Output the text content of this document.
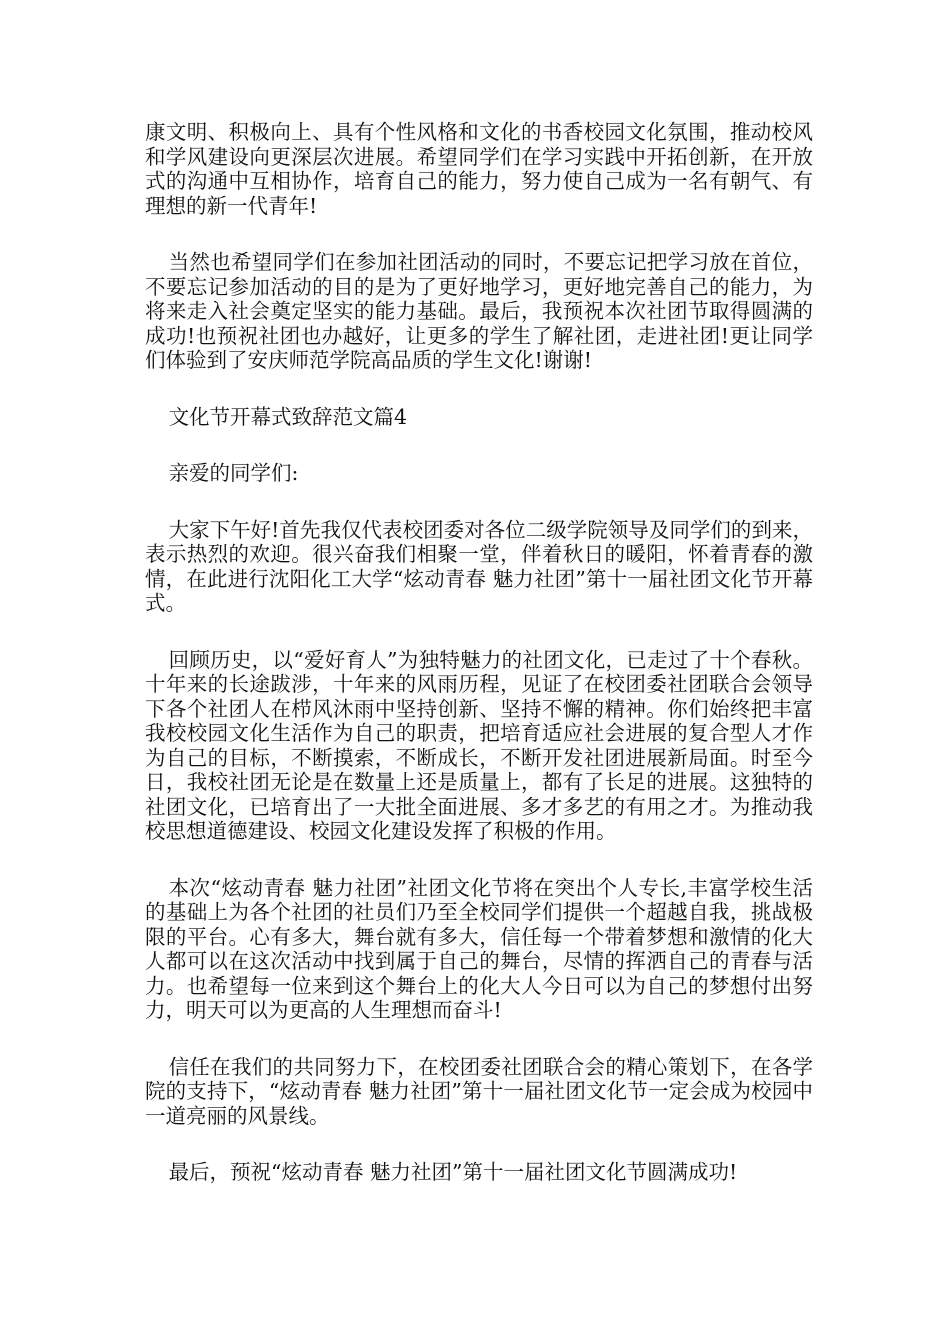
康文明、积极向上、具有个性风格和文化的书香校园文化氛围，推动校风和学风建设向更深层次进展。希望同学们在学习实践中开拓创新，在开放式的沟通中互相协作，培育自己的能力，努力使自己成为一名有朝气、有理想的新一代青年!

当然也希望同学们在参加社团活动的同时，不要忘记把学习放在首位，不要忘记参加活动的目的是为了更好地学习，更好地完善自己的能力，为将来走入社会奠定坚实的能力基础。最后，我预祝本次社团节取得圆满的成功!也预祝社团也办越好，让更多的学生了解社团，走进社团!更让同学们体验到了安庆师范学院高品质的学生文化!谢谢!

文化节开幕式致辞范文篇4

亲爱的同学们:

大家下午好!首先我仅代表校团委对各位二级学院领导及同学们的到来，表示热烈的欢迎。很兴奋我们相聚一堂，伴着秋日的暖阳，怀着青春的激情，在此进行沈阳化工大学“炫动青春 魅力社团”第十一届社团文化节开幕式。

回顾历史，以“爱好育人”为独特魅力的社团文化，已走过了十个春秋。十年来的长途跋涉，十年来的风雨历程，见证了在校团委社团联合会领导下各个社团人在栉风沐雨中坚持创新、坚持不懈的精神。你们始终把丰富我校校园文化生活作为自己的职责，把培育适应社会进展的复合型人才作为自己的目标，不断摸索，不断成长，不断开发社团进展新局面。时至今日，我校社团无论是在数量上还是质量上，都有了长足的进展。这独特的社团文化，已培育出了一大批全面进展、多才多艺的有用之才。为推动我校思想道德建设、校园文化建设发挥了积极的作用。

本次“炫动青春 魅力社团”社团文化节将在突出个人专长,丰富学校生活的基础上为各个社团的社员们乃至全校同学们提供一个超越自我，挑战极限的平台。心有多大，舞台就有多大，信任每一个带着梦想和激情的化大人都可以在这次活动中找到属于自己的舞台，尽情的挥洒自己的青春与活力。也希望每一位来到这个舞台上的化大人今日可以为自己的梦想付出努力，明天可以为更高的人生理想而奋斗!

信任在我们的共同努力下，在校团委社团联合会的精心策划下，在各学院的支持下，“炫动青春 魅力社团”第十一届社团文化节一定会成为校园中一道亮丽的风景线。

最后，预祝“炫动青春 魅力社团”第十一届社团文化节圆满成功!
